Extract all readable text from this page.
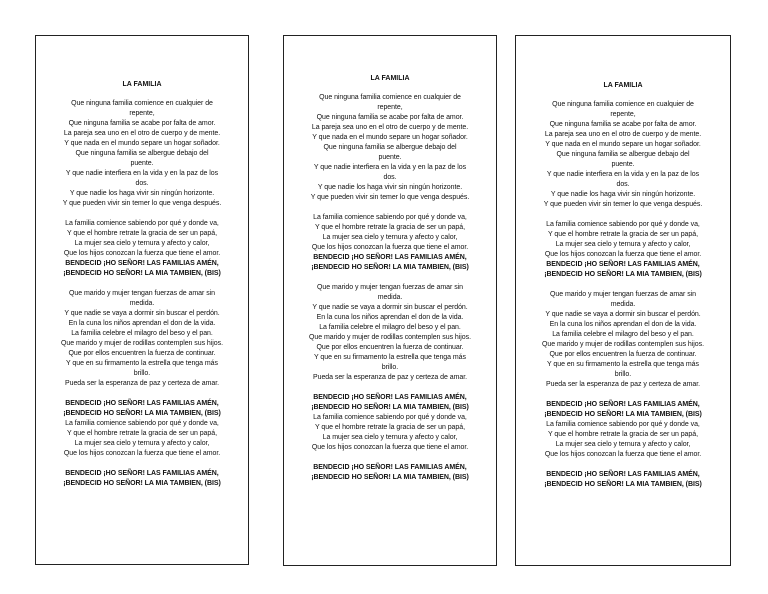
LA FAMILIA
Que ninguna familia comience en cualquier de
repente,
Que ninguna familia se acabe por falta de amor.
La pareja sea uno en el otro de cuerpo y de mente.
Y que nada en el mundo separe un hogar soñador.
Que ninguna familia se albergue debajo del
puente.
Y que nadie interfiera en la vida y en la paz de los
dos.
Y que nadie los haga vivir sin ningún horizonte.
Y que pueden vivir sin temer lo que venga después.
La familia comience sabiendo por qué y donde va,
Y que el hombre retrate la gracia de ser un papá,
La mujer sea cielo y ternura y afecto y calor,
Que los hijos conozcan la fuerza que tiene el amor.
BENDECID ¡HO SEÑOR! LAS FAMILIAS AMÉN,
¡BENDECID HO SEÑOR! LA MIA TAMBIEN, (BIS)
Que marido y mujer tengan fuerzas de amar sin
medida.
Y que nadie se vaya a dormir sin buscar el perdón.
En la cuna los niños aprendan el don de la vida.
La familia celebre el milagro del beso y el pan.
Que marido y mujer de rodillas contemplen sus hijos.
Que por ellos encuentren la fuerza de continuar.
Y que en su firmamento la estrella que tenga más
brillo.
Pueda ser la esperanza de paz y certeza de amar.
BENDECID ¡HO SEÑOR! LAS FAMILIAS AMÉN,
¡BENDECID HO SEÑOR! LA MIA TAMBIEN, (BIS)
La familia comience sabiendo por qué y donde va,
Y que el hombre retrate la gracia de ser un papá,
La mujer sea cielo y ternura y afecto y calor,
Que los hijos conozcan la fuerza que tiene el amor.
BENDECID ¡HO SEÑOR! LAS FAMILIAS AMÉN,
¡BENDECID HO SEÑOR! LA MIA TAMBIEN, (BIS)
LA FAMILIA
Que ninguna familia comience en cualquier de
repente,
Que ninguna familia se acabe por falta de amor.
La pareja sea uno en el otro de cuerpo y de mente.
Y que nada en el mundo separe un hogar soñador.
Que ninguna familia se albergue debajo del
puente.
Y que nadie interfiera en la vida y en la paz de los
dos.
Y que nadie los haga vivir sin ningún horizonte.
Y que pueden vivir sin temer lo que venga después.
La familia comience sabiendo por qué y donde va,
Y que el hombre retrate la gracia de ser un papá,
La mujer sea cielo y ternura y afecto y calor,
Que los hijos conozcan la fuerza que tiene el amor.
BENDECID ¡HO SEÑOR! LAS FAMILIAS AMÉN,
¡BENDECID HO SEÑOR! LA MIA TAMBIEN, (BIS)
Que marido y mujer tengan fuerzas de amar sin
medida.
Y que nadie se vaya a dormir sin buscar el perdón.
En la cuna los niños aprendan el don de la vida.
La familia celebre el milagro del beso y el pan.
Que marido y mujer de rodillas contemplen sus hijos.
Que por ellos encuentren la fuerza de continuar.
Y que en su firmamento la estrella que tenga más
brillo.
Pueda ser la esperanza de paz y certeza de amar.
BENDECID ¡HO SEÑOR! LAS FAMILIAS AMÉN,
¡BENDECID HO SEÑOR! LA MIA TAMBIEN, (BIS)
La familia comience sabiendo por qué y donde va,
Y que el hombre retrate la gracia de ser un papá,
La mujer sea cielo y ternura y afecto y calor,
Que los hijos conozcan la fuerza que tiene el amor.
BENDECID ¡HO SEÑOR! LAS FAMILIAS AMÉN,
¡BENDECID HO SEÑOR! LA MIA TAMBIEN, (BIS)
LA FAMILIA
Que ninguna familia comience en cualquier de
repente,
Que ninguna familia se acabe por falta de amor.
La pareja sea uno en el otro de cuerpo y de mente.
Y que nada en el mundo separe un hogar soñador.
Que ninguna familia se albergue debajo del
puente.
Y que nadie interfiera en la vida y en la paz de los
dos.
Y que nadie los haga vivir sin ningún horizonte.
Y que pueden vivir sin temer lo que venga después.
La familia comience sabiendo por qué y donde va,
Y que el hombre retrate la gracia de ser un papá,
La mujer sea cielo y ternura y afecto y calor,
Que los hijos conozcan la fuerza que tiene el amor.
BENDECID ¡HO SEÑOR! LAS FAMILIAS AMÉN,
¡BENDECID HO SEÑOR! LA MIA TAMBIEN, (BIS)
Que marido y mujer tengan fuerzas de amar sin
medida.
Y que nadie se vaya a dormir sin buscar el perdón.
En la cuna los niños aprendan el don de la vida.
La familia celebre el milagro del beso y el pan.
Que marido y mujer de rodillas contemplen sus hijos.
Que por ellos encuentren la fuerza de continuar.
Y que en su firmamento la estrella que tenga más
brillo.
Pueda ser la esperanza de paz y certeza de amar.
BENDECID ¡HO SEÑOR! LAS FAMILIAS AMÉN,
¡BENDECID HO SEÑOR! LA MIA TAMBIEN, (BIS)
La familia comience sabiendo por qué y donde va,
Y que el hombre retrate la gracia de ser un papá,
La mujer sea cielo y ternura y afecto y calor,
Que los hijos conozcan la fuerza que tiene el amor.
BENDECID ¡HO SEÑOR! LAS FAMILIAS AMÉN,
¡BENDECID HO SEÑOR! LA MIA TAMBIEN, (BIS)
